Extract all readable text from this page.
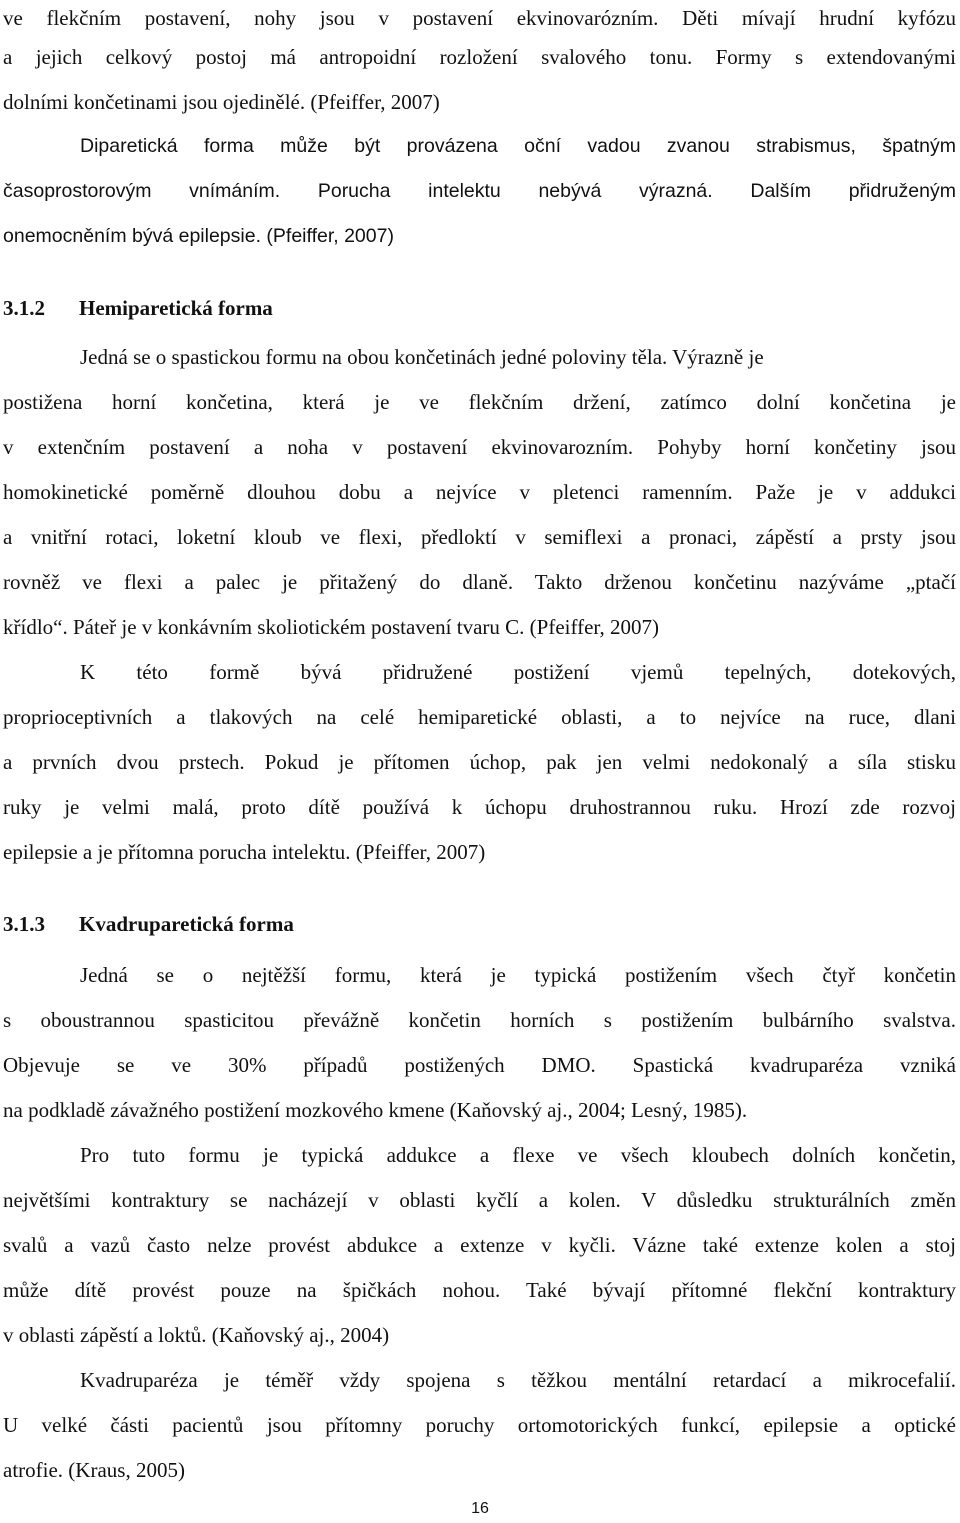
ve flekčním postavení, nohy jsou v postavení ekvinovarózním. Děti mívají hrudní kyfózu
a jejich celkový postoj má antropoidní rozložení svalového tonu. Formy s extendovanými
dolními končetinami jsou ojedinělé. (Pfeiffer, 2007)
Diparetická forma může být provázena oční vadou zvanou strabismus, špatným
časoprostorovým vnímáním. Porucha intelektu nebývá výrazná. Dalším přidruženým
onemocněním bývá epilepsie. (Pfeiffer, 2007)
3.1.2 Hemiparetická forma
Jedná se o spastickou formu na obou končetinách jedné poloviny těla. Výrazně je
postižena horní končetina, která je ve flekčním držení, zatímco dolní končetina je
v extenčním postavení a noha v postavení ekvinovarozním. Pohyby horní končetiny jsou
homokinetické poměrně dlouhou dobu a nejvíce v pletenci ramenním. Paže je v addukci
a vnitřní rotaci, loketní kloub ve flexi, předloktí v semiflexi a pronaci, zápěstí a prsty jsou
rovněž ve flexi a palec je přitažený do dlaně. Takto drženou končetinu nazýváme „ptačí
křídlo“. Páteř je v konkávním skoliotickém postavení tvaru C. (Pfeiffer, 2007)
K této formě bývá přidružené postižení vjemů tepelných, dotekových,
proprioceptivních a tlakových na celé hemiparetické oblasti, a to nejvíce na ruce, dlani
a prvních dvou prstech. Pokud je přítomen úchop, pak jen velmi nedokonalý a síla stisku
ruky je velmi malá, proto dítě používá k úchopu druhostrannou ruku. Hrozí zde rozvoj
epilepsie a je přítomna porucha intelektu. (Pfeiffer, 2007)
3.1.3 Kvadruparetická forma
Jedná se o nejtěžší formu, která je typická postižením všech čtyř končetin
s oboustrannou spasticitou převážně končetin horních s postižením bulbárního svalstva.
Objevuje se ve 30% případů postižených DMO. Spastická kvadruparéza vzniká
na podkladě závažného postižení mozkového kmene (Kaňovský aj., 2004; Lesný, 1985).
Pro tuto formu je typická addukce a flexe ve všech kloubech dolních končetin,
největšími kontraktury se nacházejí v oblasti kyčlí a kolen. V důsledku strukturálních změn
svalů a vazů často nelze provést abdukce a extenze v kyčli. Vázne také extenze kolen a stoj
může dítě provést pouze na špičkách nohou. Také bývají přítomné flekční kontraktury
v oblasti zápěstí a loktů. (Kaňovský aj., 2004)
Kvadruparéza je téměř vždy spojena s těžkou mentální retardací a mikrocefalií.
U velké části pacientů jsou přítomny poruchy ortomotorických funkcí, epilepsie a optické
atrofie. (Kraus, 2005)
16
